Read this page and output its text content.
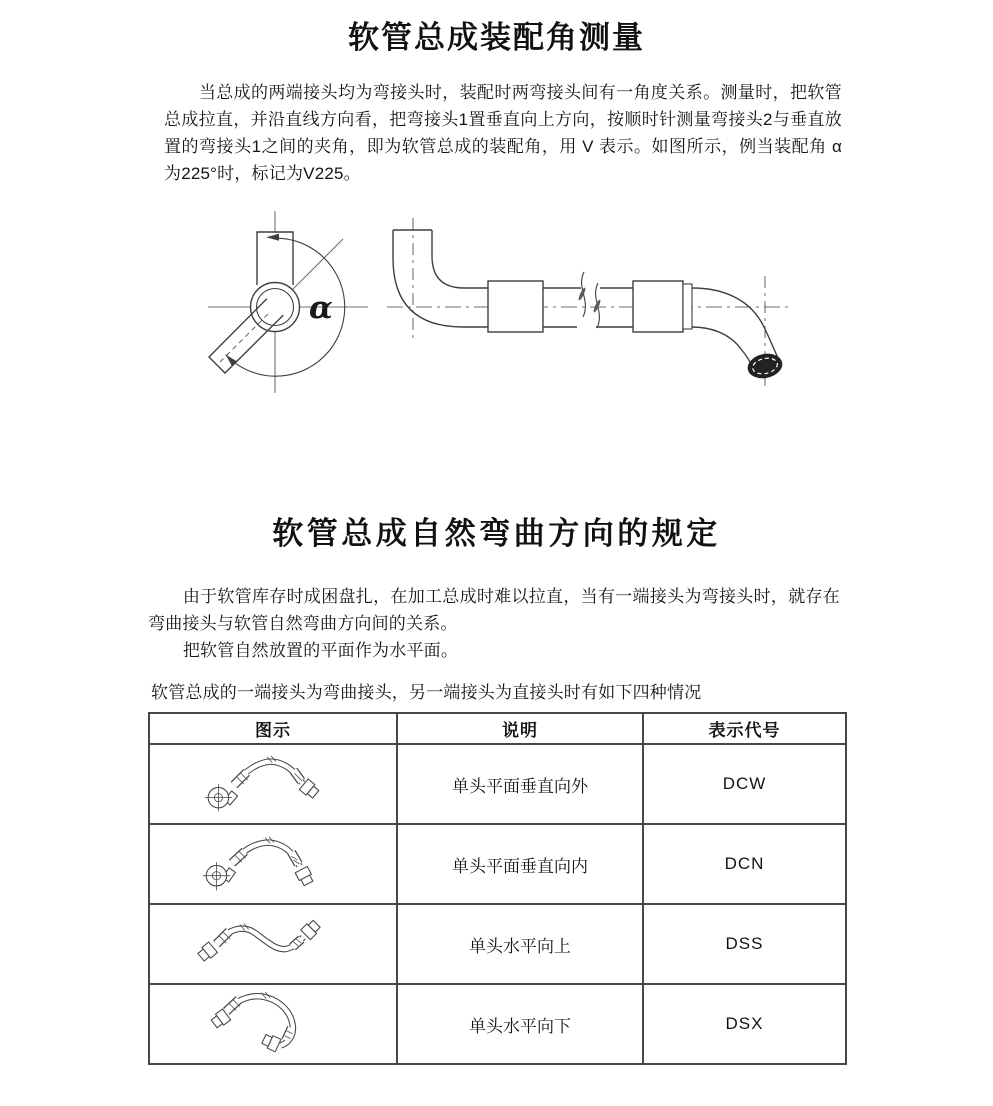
软管总成装配角测量
当总成的两端接头均为弯接头时，装配时两弯接头间有一角度关系。测量时，把软管总成拉直，并沿直线方向看，把弯接头1置垂直向上方向，按顺时针测量弯接头2与垂直放置的弯接头1之间的夹角，即为软管总成的装配角，用 V 表示。如图所示，例当装配角 α 为225°时，标记为V225。
α
软管总成自然弯曲方向的规定
由于软管库存时成困盘扎，在加工总成时难以拉直，当有一端接头为弯接头时，就存在弯曲接头与软管自然弯曲方向间的关系。
把软管自然放置的平面作为水平面。
软管总成的一端接头为弯曲接头，另一端接头为直接头时有如下四种情况
图示	说明	表示代号

	单头平面垂直向外	DCW

	单头平面垂直向内	DCN

	单头水平向上	DSS

	单头水平向下	DSX
